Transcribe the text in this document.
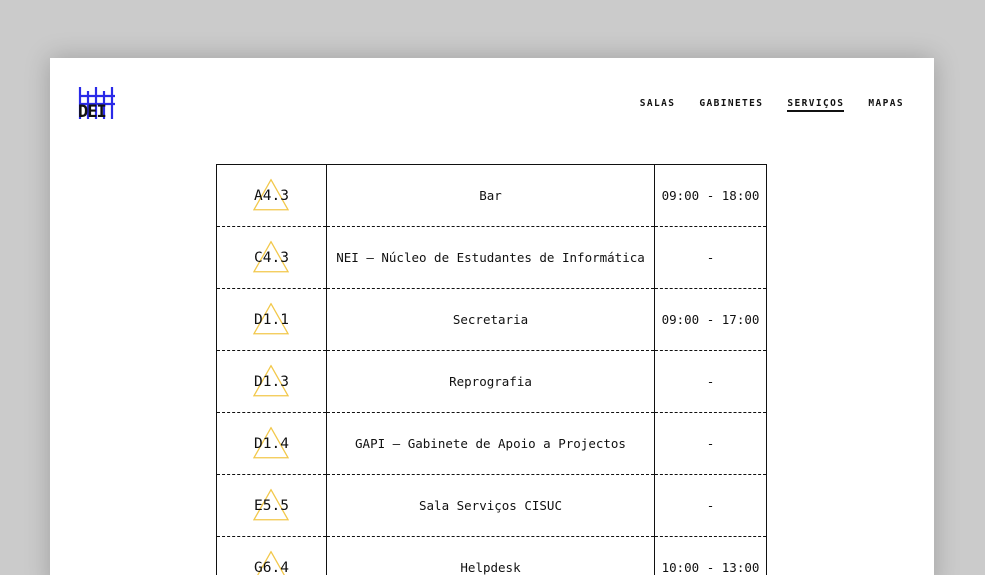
DEI	SALAS	GABINETES	SERVIÇOS	MAPAS
A4.3	Bar	09:00 - 18:00

C4.3	NEI — Núcleo de Estudantes de Informática	-

D1.1	Secretaria	09:00 - 17:00

D1.3	Reprografia	-

D1.4	GAPI — Gabinete de Apoio a Projectos	-

E5.5	Sala Serviços CISUC	-

G6.4	Helpdesk	10:00 - 13:00
